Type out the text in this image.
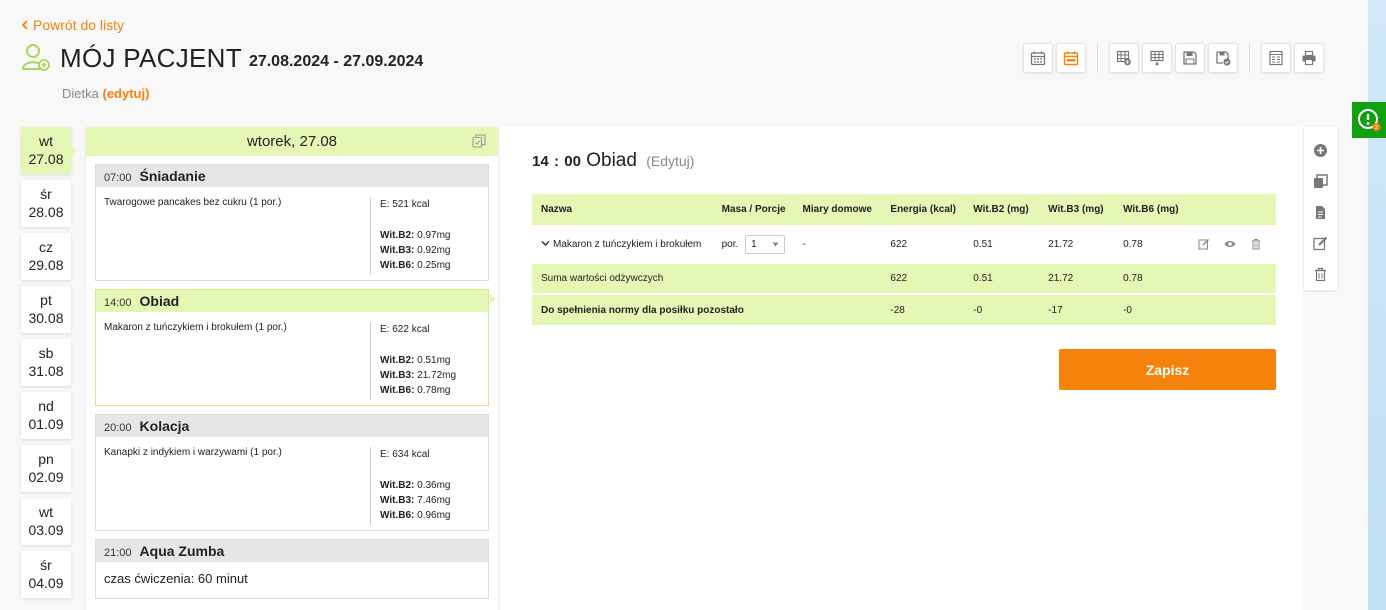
Powrót do listy
MÓJ PACJENT 27.08.2024 - 27.09.2024
Dietka (edytuj)
2
wt
27.08
śr
28.08
cz
29.08
pt
30.08
sb
31.08
nd
01.09
pn
02.09
wt
03.09
śr
04.09
wtorek, 27.08
07:00 Śniadanie
Twarogowe pancakes bez cukru (1 por.)	E: 521 kcal
Wit.B2: 0.97mg
Wit.B3: 0.92mg
Wit.B6: 0.25mg
14:00 Obiad
Makaron z tuńczykiem i brokułem (1 por.)	E: 622 kcal
Wit.B2: 0.51mg
Wit.B3: 21.72mg
Wit.B6: 0.78mg
20:00 Kolacja
Kanapki z indykiem i warzywami (1 por.)	E: 634 kcal
Wit.B2: 0.36mg
Wit.B3: 7.46mg
Wit.B6: 0.96mg
21:00 Aqua Zumba
czas ćwiczenia: 60 minut
14 : 00 Obiad (Edytuj)
Nazwa	Masa / Porcje	Miary domowe	Energia (kcal)	Wit.B2 (mg)	Wit.B3 (mg)	Wit.B6 (mg)	
Makaron z tuńczykiem i brokułem	por. 1	-	622	0.51	21.72	0.78	

Suma wartości odżywczych			622	0.51	21.72	0.78	
Do spełnienia normy dla posiłku pozostało			-28	-0	-17	-0	
Zapisz
